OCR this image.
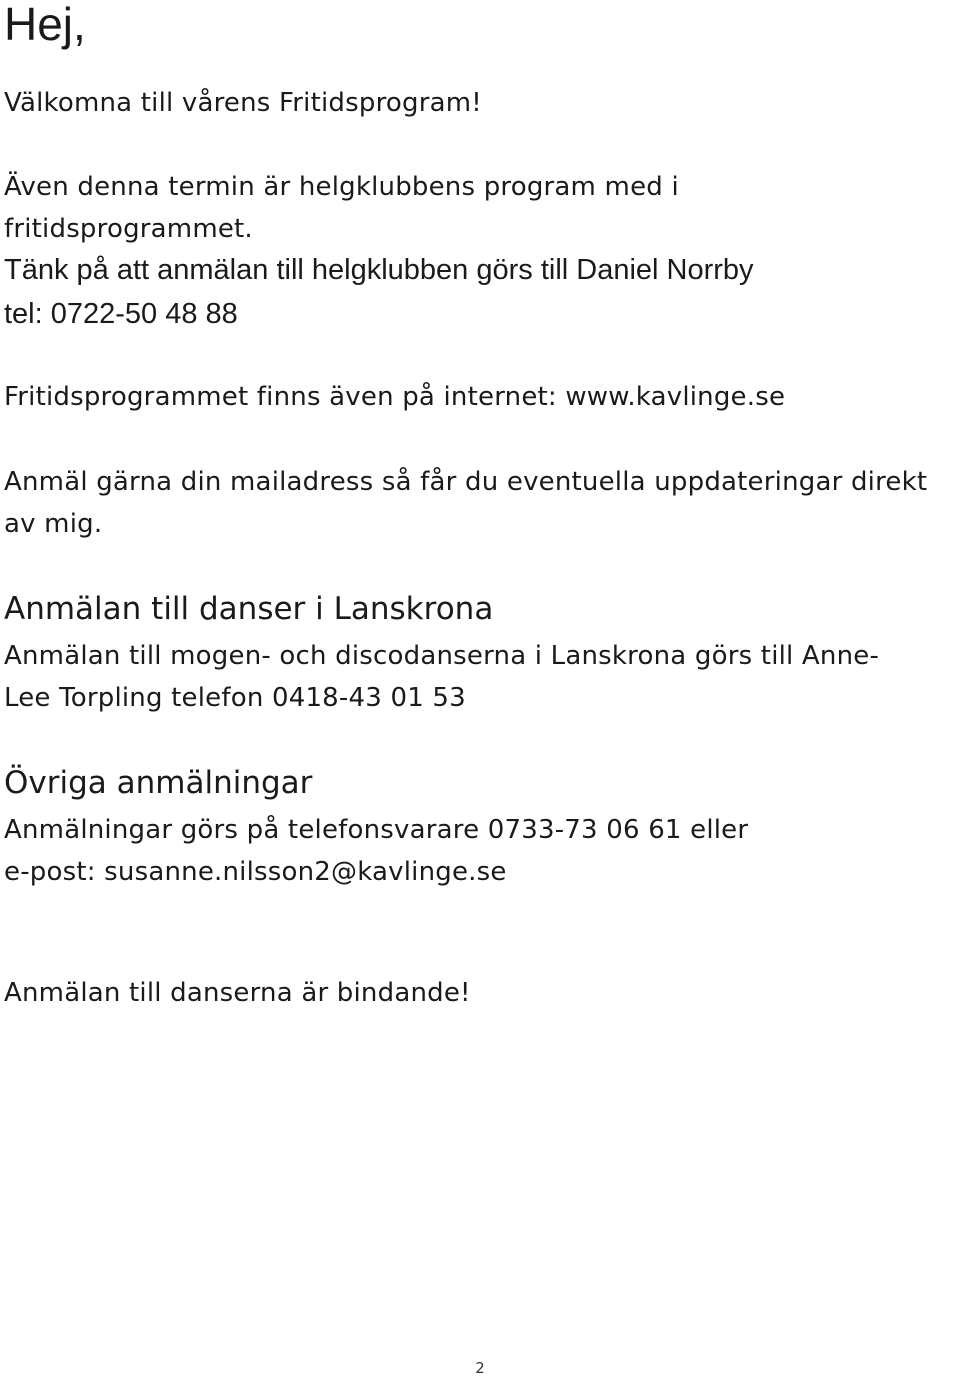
Hej,

Välkomna till vårens Fritidsprogram!

Även denna termin är helgklubbens program med i

fritidsprogrammet.

Tänk på att anmälan till helgklubben görs till Daniel Norrby

tel: 0722-50 48 88

Fritidsprogrammet finns även på internet: www.kavlinge.se

Anmäl gärna din mailadress så får du eventuella uppdateringar direkt

av mig.

Anmälan till danser i Lanskrona

Anmälan till mogen- och discodanserna i Lanskrona görs till Anne-

Lee Torpling telefon 0418-43 01 53

Övriga anmälningar

Anmälningar görs på telefonsvarare 0733-73 06 61 eller

e-post: susanne.nilsson2@kavlinge.se

Anmälan till danserna är bindande!

2
